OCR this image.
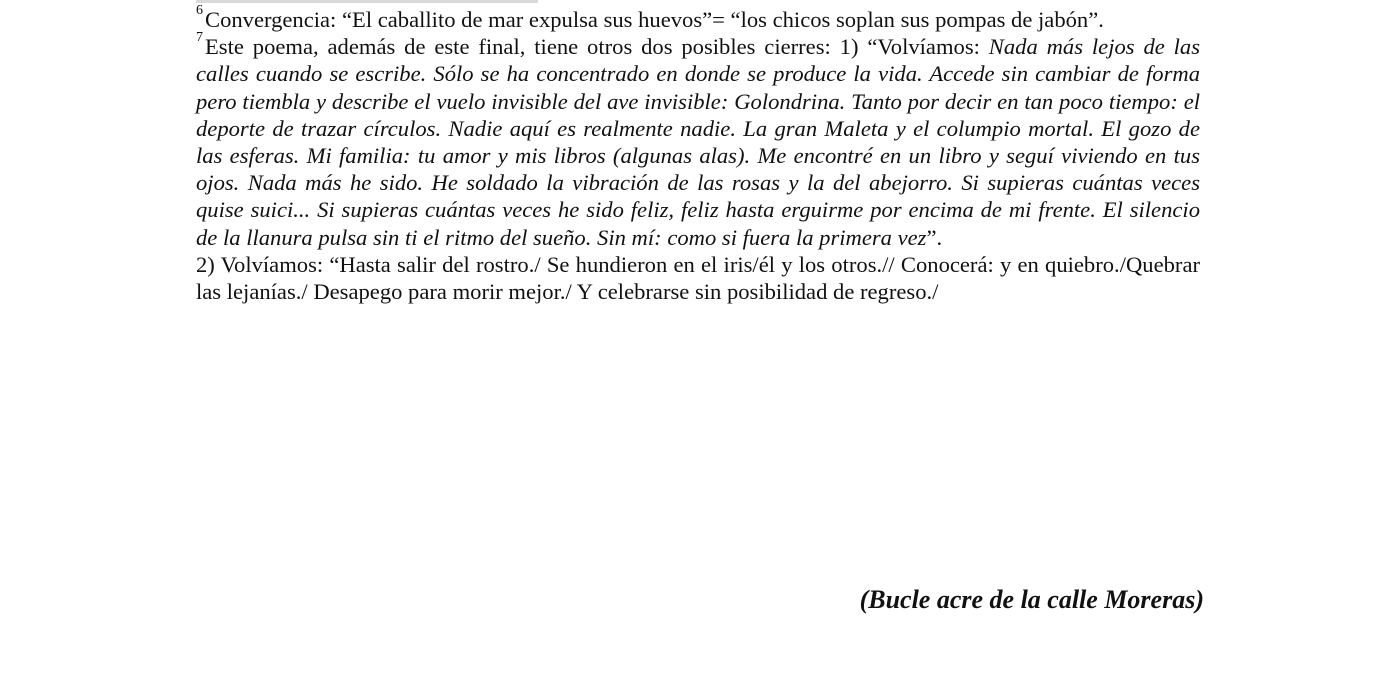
$^6$Convergencia: “El caballito de mar expulsa sus huevos”= “los chicos soplan sus pompas de jabón”.

$^7$Este poema, además de este final, tiene otros dos posibles cierres: 1) “Volvíamos: Nada más lejos de las calles cuando se escribe. Sólo se ha concentrado en donde se produce la vida. Accede sin cambiar de forma pero tiembla y describe el vuelo invisible del ave invisible: Golondrina. Tanto por decir en tan poco tiempo: el deporte de trazar círculos. Nadie aquí es realmente nadie. La gran Maleta y el columpio mortal. El gozo de las esferas. Mi familia: tu amor y mis libros (algunas alas). Me encontré en un libro y seguí viviendo en tus ojos. Nada más he sido. He soldado la vibración de las rosas y la del abejorro. Si supieras cuántas veces quise suici... Si supieras cuántas veces he sido feliz, feliz hasta erguirme por encima de mi frente. El silencio de la llanura pulsa sin ti el ritmo del sueño. Sin mí: como si fuera la primera vez”.

2) Volvíamos: “Hasta salir del rostro./ Se hundieron en el iris/él y los otros.// Conocerá: y en quiebro./Quebrar las lejanías./ Desapego para morir mejor./ Y celebrarse sin posibilidad de regreso./

(Bucle acre de la calle Moreras)
